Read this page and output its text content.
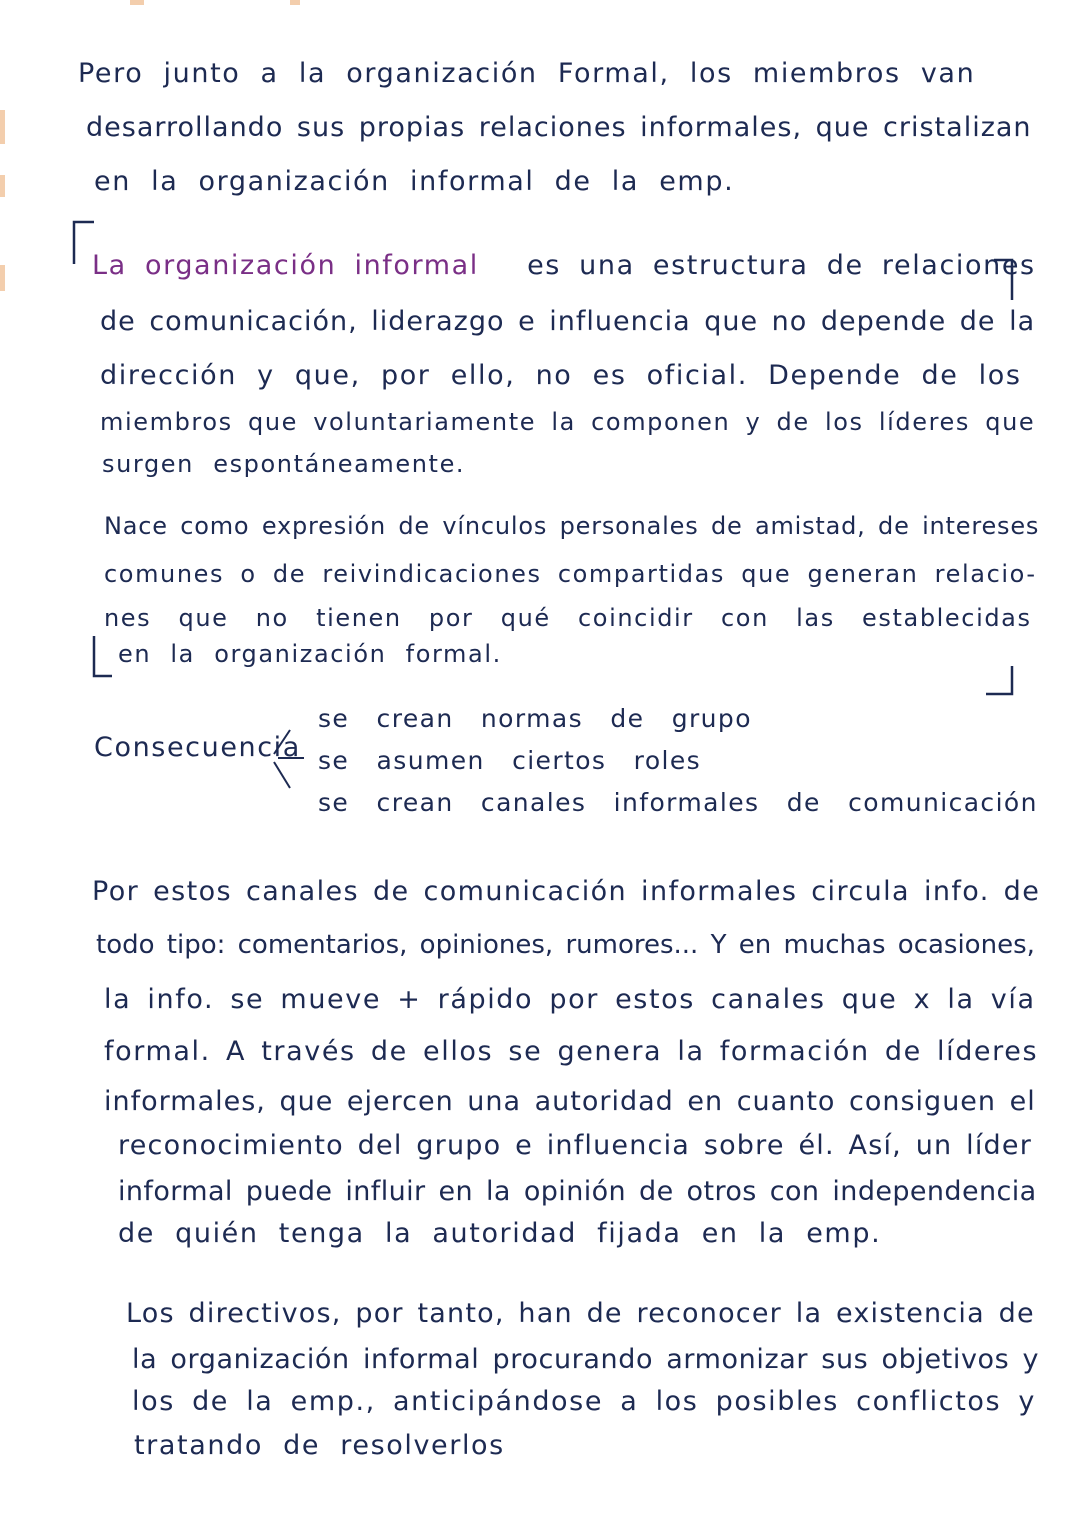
Pero junto a la organización Formal, los miembros van
desarrollando sus propias relaciones informales, que cristalizan
en la organización informal de la emp.
La organización informal es una estructura de relaciones
de comunicación, liderazgo e influencia que no depende de la
dirección y que, por ello, no es oficial. Depende de los
miembros que voluntariamente la componen y de los líderes que
surgen espontáneamente.
Nace como expresión de vínculos personales de amistad, de intereses
comunes o de reivindicaciones compartidas que generan relacio-
nes que no tienen por qué coincidir con las establecidas
en la organización formal.
Consecuencia
se crean normas de grupo
se asumen ciertos roles
se crean canales informales de comunicación
Por estos canales de comunicación informales circula info. de
todo tipo: comentarios, opiniones, rumores... Y en muchas ocasiones,
la info. se mueve + rápido por estos canales que x la vía
formal. A través de ellos se genera la formación de líderes
informales, que ejercen una autoridad en cuanto consiguen el
reconocimiento del grupo e influencia sobre él. Así, un líder
informal puede influir en la opinión de otros con independencia
de quién tenga la autoridad fijada en la emp.
Los directivos, por tanto, han de reconocer la existencia de
la organización informal procurando armonizar sus objetivos y
los de la emp., anticipándose a los posibles conflictos y
tratando de resolverlos
